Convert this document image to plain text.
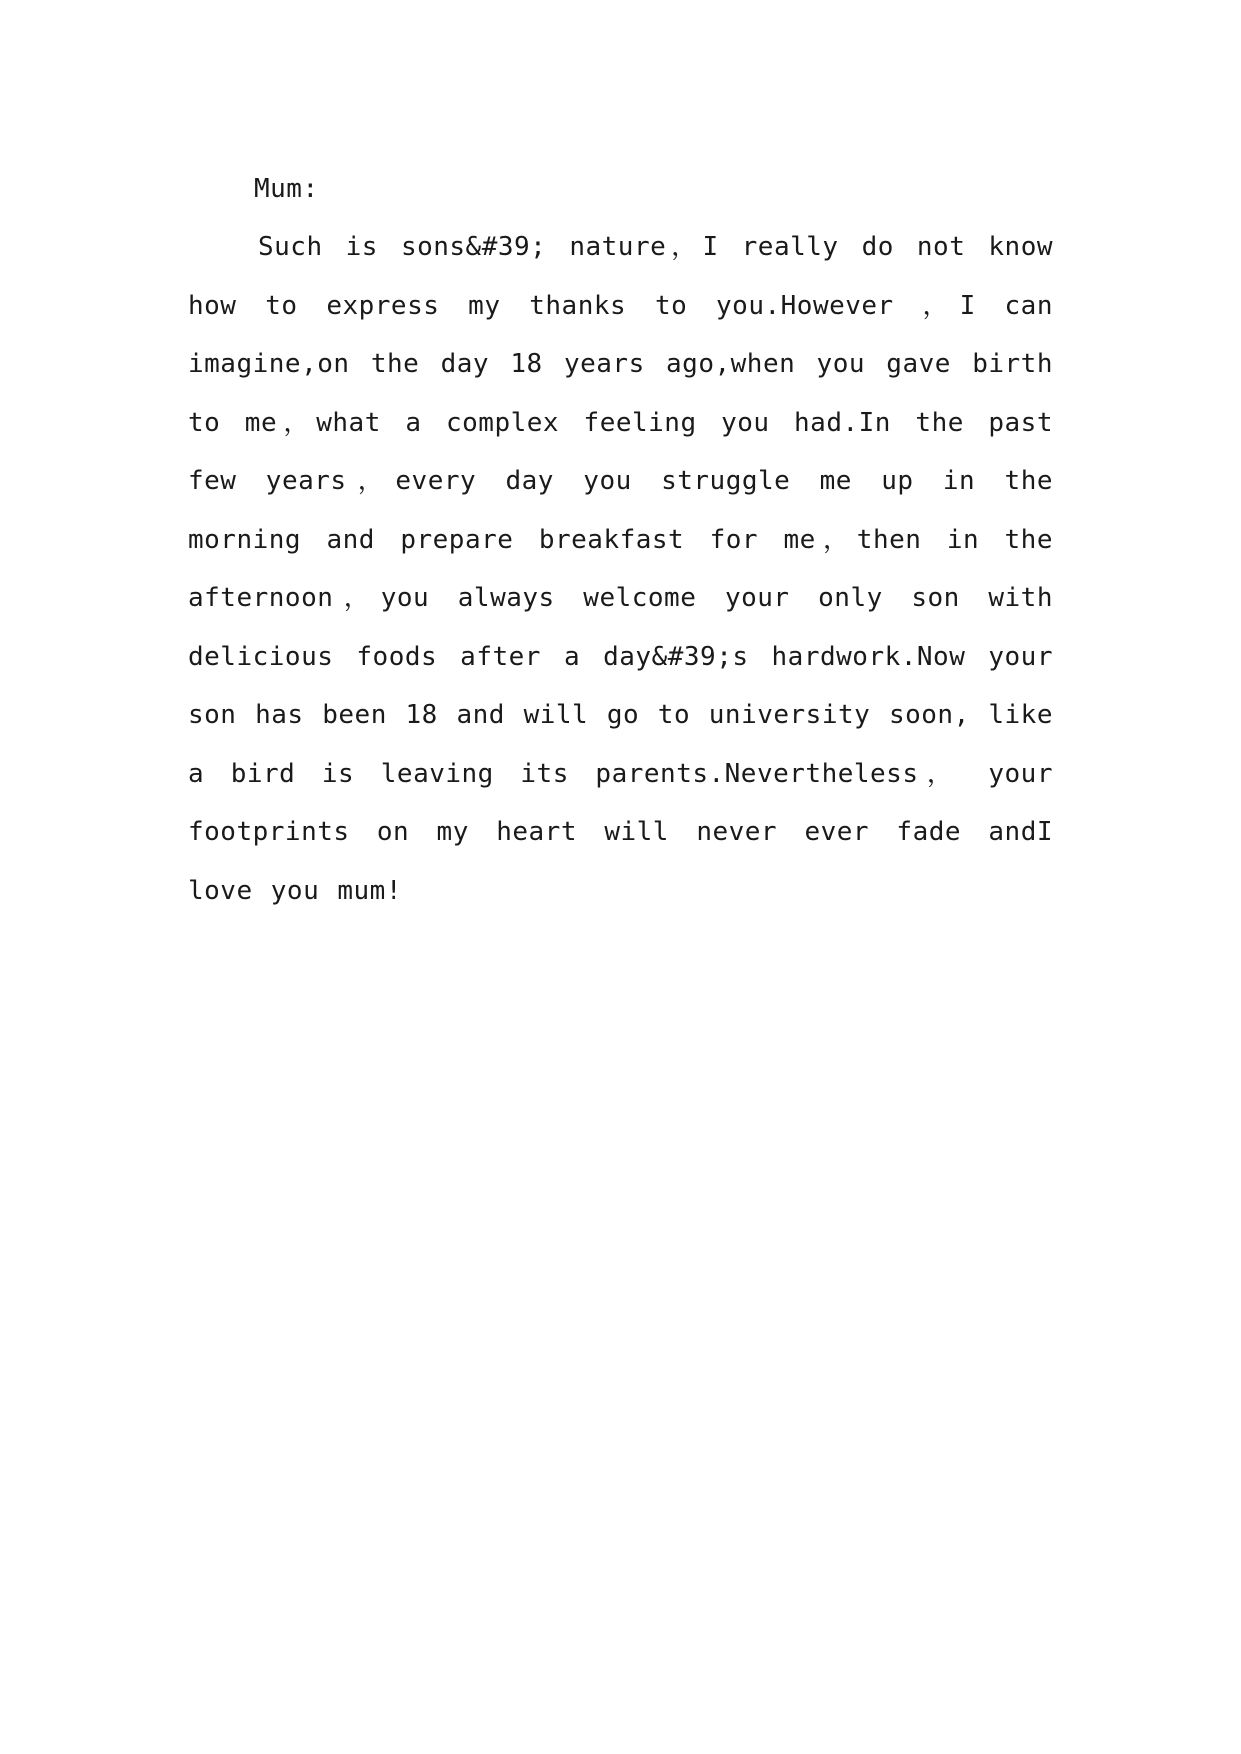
Mum:

Such is sons&#39; nature，I really do not know how to express my thanks to you.However ，I can imagine,on the day 18 years ago,when you gave birth to me，what a complex feeling you had.In the past few years，every day you struggle me up in the morning and prepare breakfast for me，then in the afternoon，you always welcome your only son with delicious foods after a day&#39;s hardwork.Now your son has been 18 and will go to university soon, like a bird is leaving its parents.Nevertheless， your footprints on my heart will never ever fade andI love you mum!
